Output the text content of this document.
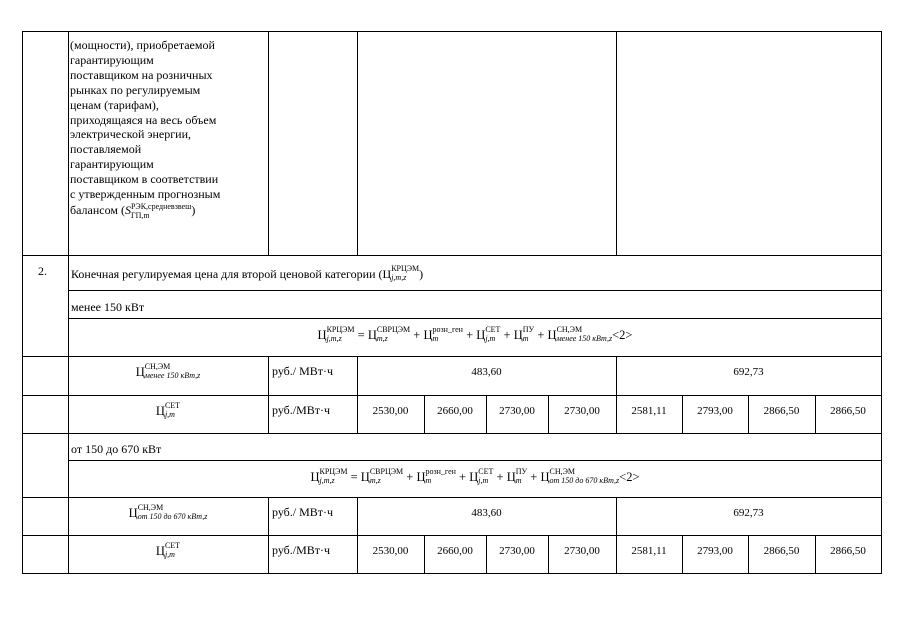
(мощности), приобретаемой

гарантирующим

поставщиком на розничных

рынках по регулируемым

ценам (тарифам),

приходящаяся на весь объем

электрической энергии,

поставляемой

гарантирующим

поставщиком в соответствии

с утвержденным прогнозным

балансом (S РЭК,средневзвеш
ГП,m	)

2. Конечная регулируемая цена для второй ценовой категории (Ц КРЦЭМ
j,m,z	)
менее 150 кВт
Ц КРЦЭМ
j,m,z	= Ц СВРЦЭМ
m,z	+ Ц розн_ген
m	+ Ц СЕТ
j,m + Ц ПУ
m + Ц СН,ЭМ
менее 150 кВт,z <2>
Ц СН,ЭМ
менее 150 кВт,z	руб./ МВт·ч	483,60	692,73
Ц СЕТ
j,m	руб./МВт·ч	2530,00	2660,00	2730,00	2730,00	2581,11	2793,00	2866,50	2866,50
от 150 до 670 кВт
Ц КРЦЭМ
j,m,z	= Ц СВРЦЭМ
m,z	+ Ц розн_ген
m	+ Ц СЕТ
j,m + Ц ПУ
m + Ц СН,ЭМ
от 150 до 670 кВт,z <2>
Ц СН,ЭМ
от 150 до 670 кВт,z	руб./ МВт·ч	483,60	692,73
Ц СЕТ
j,m	руб./МВт·ч	2530,00	2660,00	2730,00	2730,00	2581,11	2793,00	2866,50	2866,50
